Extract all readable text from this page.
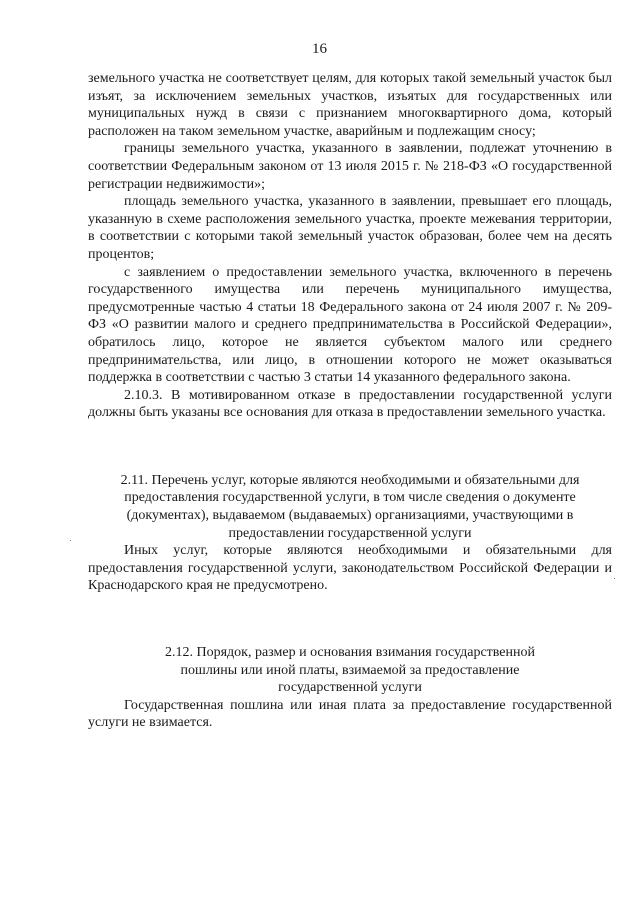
16

земельного участка не соответствует целям, для которых такой земельный участок был изъят, за исключением земельных участков, изъятых для государственных или муниципальных нужд в связи с признанием многоквартирного дома, который расположен на таком земельном участке, аварийным и подлежащим сносу;

границы земельного участка, указанного в заявлении, подлежат уточнению в соответствии Федеральным законом от 13 июля 2015 г. № 218-ФЗ «О государственной регистрации недвижимости»;

площадь земельного участка, указанного в заявлении, превышает его площадь, указанную в схеме расположения земельного участка, проекте межевания территории, в соответствии с которыми такой земельный участок образован, более чем на десять процентов;

с заявлением о предоставлении земельного участка, включенного в перечень государственного имущества или перечень муниципального имущества, предусмотренные частью 4 статьи 18 Федерального закона от 24 июля 2007 г. № 209-ФЗ «О развитии малого и среднего предпринимательства в Российской Федерации», обратилось лицо, которое не является субъектом малого или среднего предпринимательства, или лицо, в отношении которого не может оказываться поддержка в соответствии с частью 3 статьи 14 указанного федерального закона.

2.10.3. В мотивированном отказе в предоставлении государственной услуги должны быть указаны все основания для отказа в предоставлении земельного участка.

2.11. Перечень услуг, которые являются необходимыми и обязательными для предоставления государственной услуги, в том числе сведения о документе (документах), выдаваемом (выдаваемых) организациями, участвующими в предоставлении государственной услуги

Иных услуг, которые являются необходимыми и обязательными для предоставления государственной услуги, законодательством Российской Федерации и Краснодарского края не предусмотрено.

2.12. Порядок, размер и основания взимания государственной пошлины или иной платы, взимаемой за предоставление государственной услуги

Государственная пошлина или иная плата за предоставление государственной услуги не взимается.
